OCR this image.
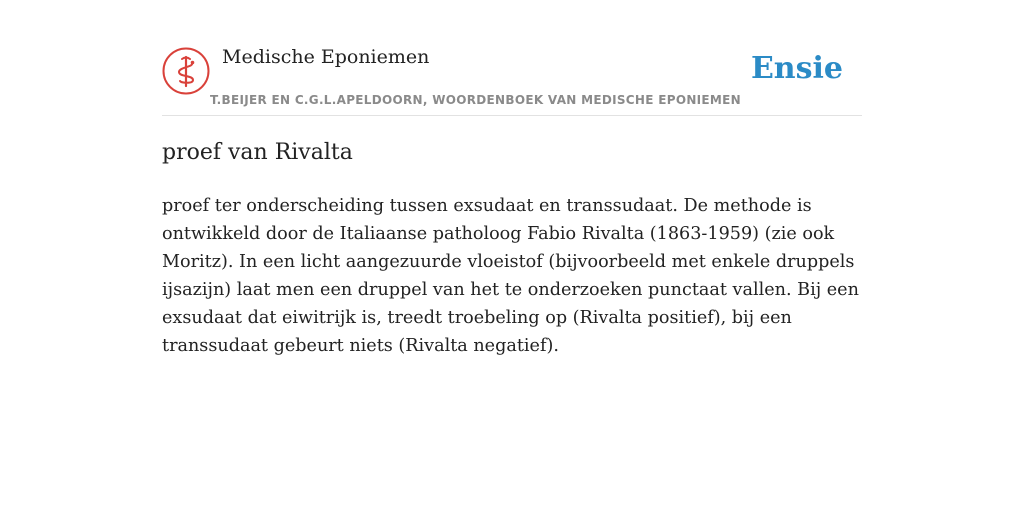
Medische Eponiemen
T.BEIJER EN C.G.L.APELDOORN, WOORDENBOEK VAN MEDISCHE EPONIEMEN
Ensie
proef van Rivalta

proef ter onderscheiding tussen exsudaat en transsudaat. De methode is ontwikkeld door de Italiaanse patholoog Fabio Rivalta (1863-1959) (zie ook Moritz). In een licht aangezuurde vloeistof (bijvoorbeeld met enkele druppels ijsazijn) laat men een druppel van het te onderzoeken punctaat vallen. Bij een exsudaat dat eiwitrijk is, treedt troebeling op (Rivalta positief), bij een transsudaat gebeurt niets (Rivalta negatief).
